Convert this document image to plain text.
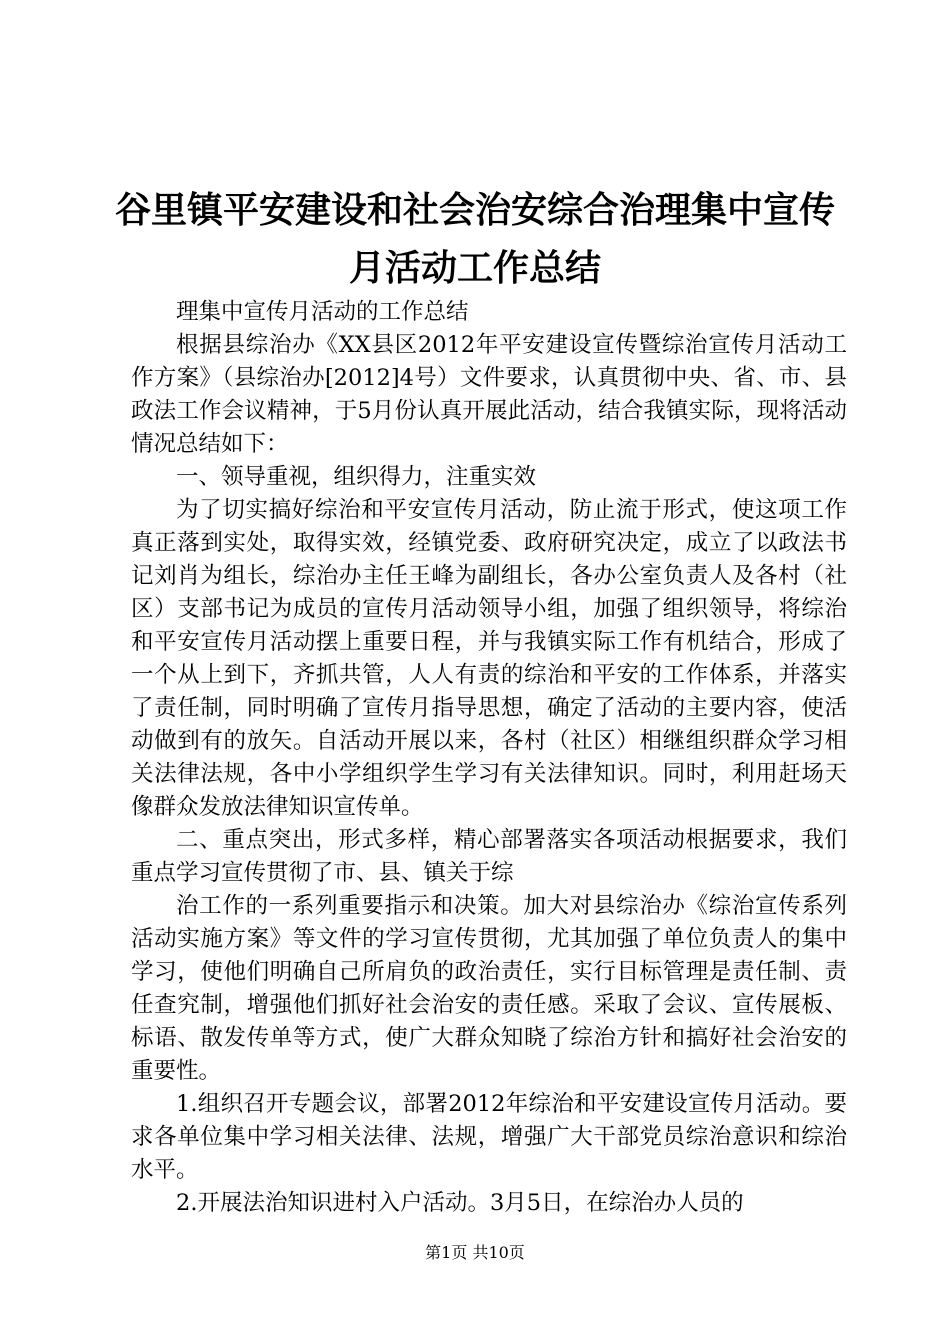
谷里镇平安建设和社会治安综合治理集中宣传
月活动工作总结

理集中宣传月活动的工作总结

根据县综治办《XX县区2012年平安建设宣传暨综治宣传月活动工作方案》（县综治办[2012]4号）文件要求，认真贯彻中央、省、市、县政法工作会议精神，于5月份认真开展此活动，结合我镇实际，现将活动情况总结如下：

一、领导重视，组织得力，注重实效

为了切实搞好综治和平安宣传月活动，防止流于形式，使这项工作真正落到实处，取得实效，经镇党委、政府研究决定，成立了以政法书记刘肖为组长，综治办主任王峰为副组长，各办公室负责人及各村（社区）支部书记为成员的宣传月活动领导小组，加强了组织领导，将综治和平安宣传月活动摆上重要日程，并与我镇实际工作有机结合，形成了一个从上到下，齐抓共管，人人有责的综治和平安的工作体系，并落实了责任制，同时明确了宣传月指导思想，确定了活动的主要内容，使活动做到有的放矢。自活动开展以来，各村（社区）相继组织群众学习相关法律法规，各中小学组织学生学习有关法律知识。同时，利用赶场天像群众发放法律知识宣传单。

二、重点突出，形式多样，精心部署落实各项活动根据要求，我们重点学习宣传贯彻了市、县、镇关于综

治工作的一系列重要指示和决策。加大对县综治办《综治宣传系列活动实施方案》等文件的学习宣传贯彻，尤其加强了单位负责人的集中学习，使他们明确自己所肩负的政治责任，实行目标管理是责任制、责任查究制，增强他们抓好社会治安的责任感。采取了会议、宣传展板、标语、散发传单等方式，使广大群众知晓了综治方针和搞好社会治安的重要性。

1.组织召开专题会议，部署2012年综治和平安建设宣传月活动。要求各单位集中学习相关法律、法规，增强广大干部党员综治意识和综治水平。

2.开展法治知识进村入户活动。3月5日，在综治办人员的

第1页 共10页
